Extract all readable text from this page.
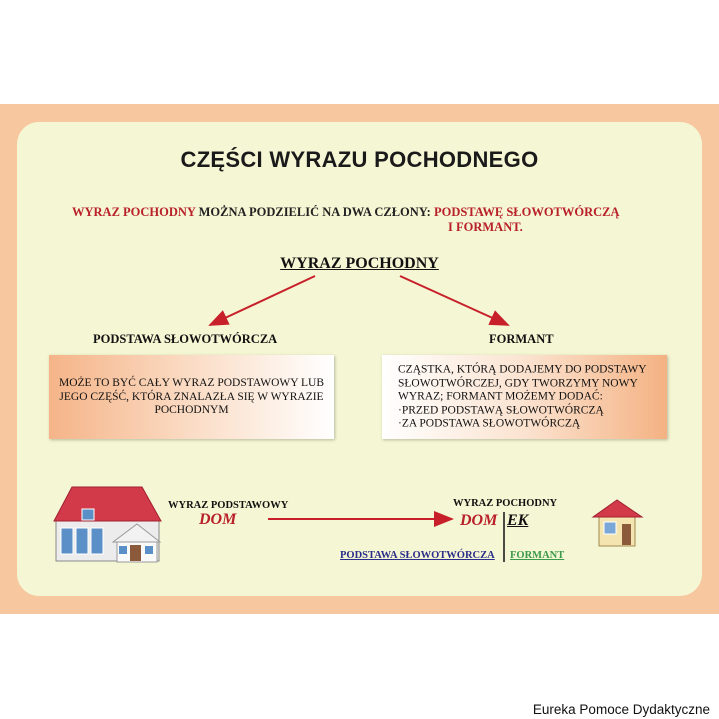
CZĘŚCI WYRAZU POCHODNEGO
WYRAZ POCHODNY MOŻNA PODZIELIĆ NA DWA CZŁONY: PODSTAWĘ SŁOWOTWÓRCZĄ
I FORMANT.
WYRAZ POCHODNY
PODSTAWA SŁOWOTWÓRCZA	FORMANT
MOŻE TO BYĆ CAŁY WYRAZ PODSTAWOWY LUB JEGO CZĘŚĆ, KTÓRA ZNALAZŁA SIĘ W WYRAZIE POCHODNYM
CZĄSTKA, KTÓRĄ DODAJEMY DO PODSTAWY
SŁOWOTWÓRCZEJ, GDY TWORZYMY NOWY
WYRAZ; FORMANT MOŻEMY DODAĆ:
·PRZED PODSTAWĄ SŁOWOTWÓRCZĄ
·ZA PODSTAWA SŁOWOTWÓRCZĄ
WYRAZ PODSTAWOWY
DOM
WYRAZ POCHODNY
DOM EK
PODSTAWA SŁOWOTWÓRCZA FORMANT
Eureka Pomoce Dydaktyczne
